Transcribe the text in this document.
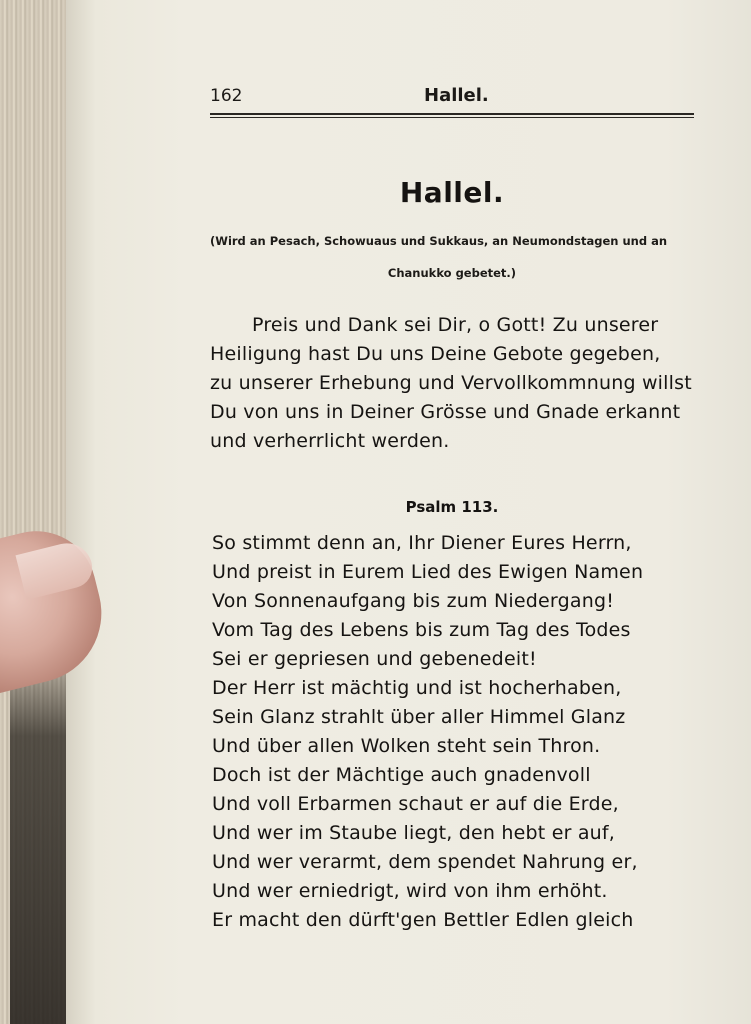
162	Hallel.
Hallel.
(Wird an Pesach, Schowuaus und Sukkaus, an Neumondstagen und an
Chanukko gebetet.)
Preis und Dank sei Dir, o Gott! Zu unserer
Heiligung hast Du uns Deine Gebote gegeben,
zu unserer Erhebung und Vervollkommnung willst
Du von uns in Deiner Grösse und Gnade erkannt
und verherrlicht werden.
Psalm 113.
So stimmt denn an, Ihr Diener Eures Herrn,
Und preist in Eurem Lied des Ewigen Namen
Von Sonnenaufgang bis zum Niedergang!
Vom Tag des Lebens bis zum Tag des Todes
Sei er gepriesen und gebenedeit!
Der Herr ist mächtig und ist hocherhaben,
Sein Glanz strahlt über aller Himmel Glanz
Und über allen Wolken steht sein Thron.
Doch ist der Mächtige auch gnadenvoll
Und voll Erbarmen schaut er auf die Erde,
Und wer im Staube liegt, den hebt er auf,
Und wer verarmt, dem spendet Nahrung er,
Und wer erniedrigt, wird von ihm erhöht.
Er macht den dürft'gen Bettler Edlen gleich
